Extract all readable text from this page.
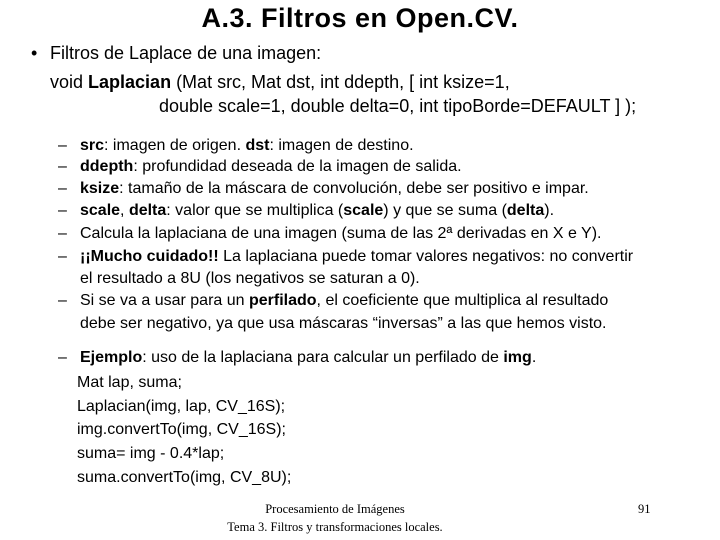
A.3. Filtros en Open.CV.
• Filtros de Laplace de una imagen:
void Laplacian (Mat src, Mat dst, int ddepth, [ int ksize=1,
double scale=1, double delta=0, int tipoBorde=DEFAULT ] );
– src: imagen de origen. dst: imagen de destino.
– ddepth: profundidad deseada de la imagen de salida.
– ksize: tamaño de la máscara de convolución, debe ser positivo e impar.
– scale, delta: valor que se multiplica (scale) y que se suma (delta).
– Calcula la laplaciana de una imagen (suma de las 2ª derivadas en X e Y).
– ¡¡Mucho cuidado!! La laplaciana puede tomar valores negativos: no convertir
el resultado a 8U (los negativos se saturan a 0).
– Si se va a usar para un perfilado, el coeficiente que multiplica al resultado
debe ser negativo, ya que usa máscaras “inversas” a las que hemos visto.
– Ejemplo: uso de la laplaciana para calcular un perfilado de img.
Mat lap, suma;
Laplacian(img, lap, CV_16S);
img.convertTo(img, CV_16S);
suma= img - 0.4*lap;
suma.convertTo(img, CV_8U);
Procesamiento de Imágenes
Tema 3. Filtros y transformaciones locales.
91
